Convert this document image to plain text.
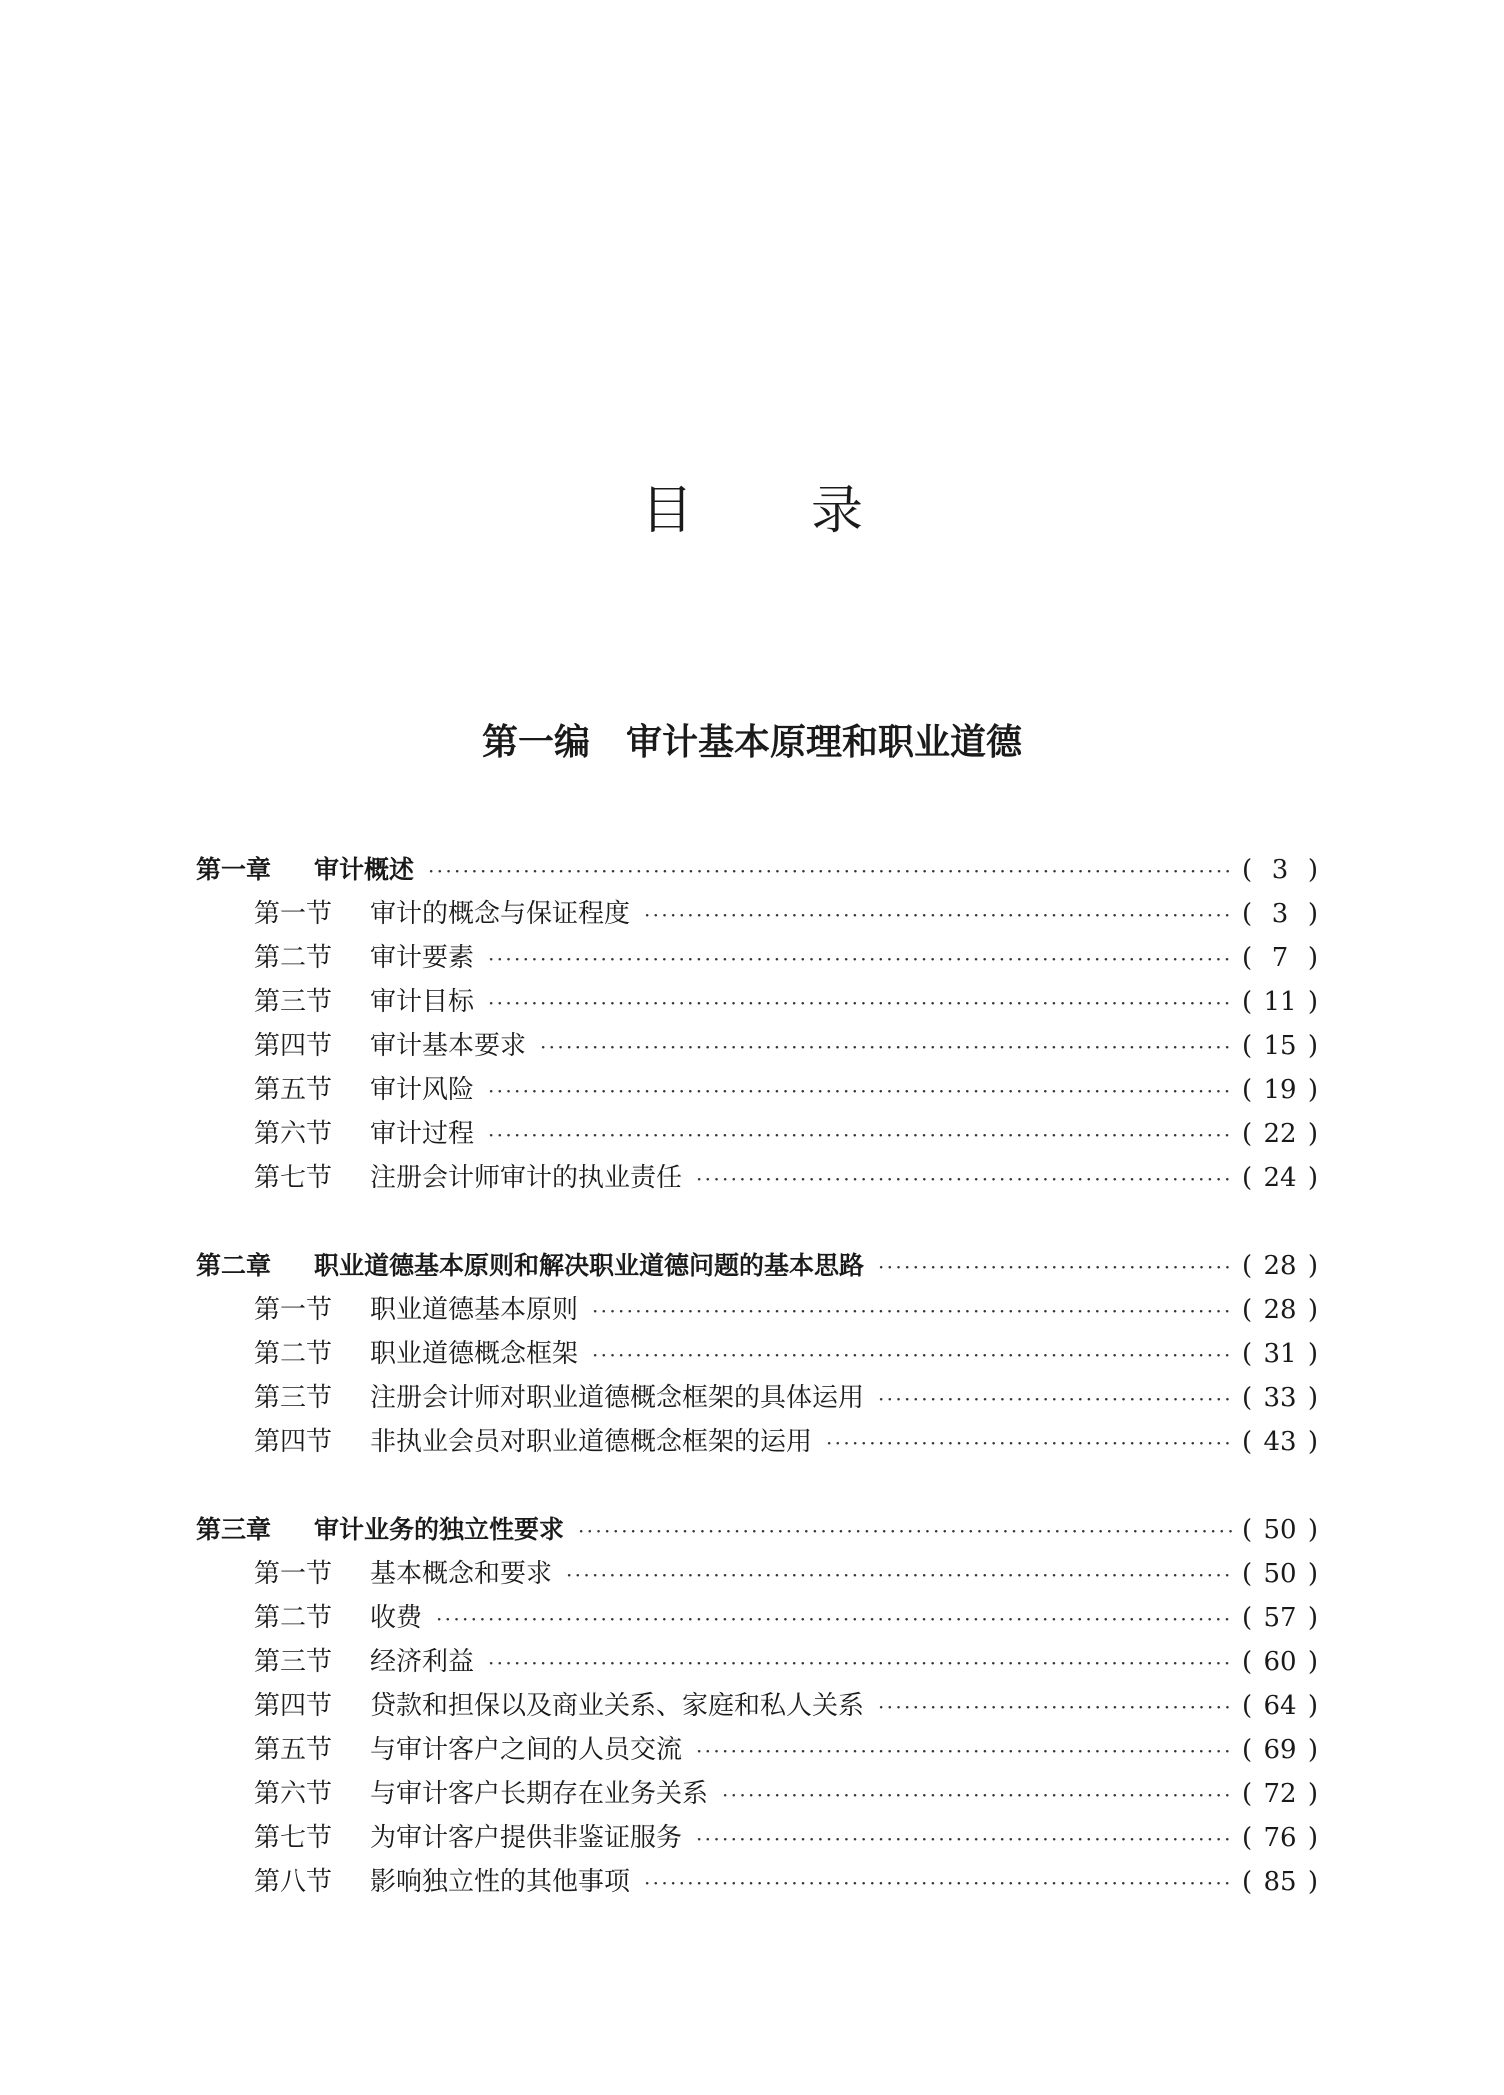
目 录
第一编 审计基本原理和职业道德
第一章	审计概述 ·····	( 3 )
第一节	审计的概念与保证程度 ·····	( 3 )
第二节	审计要素 ·····	( 7 )
第三节	审计目标 ·····	( 11 )
第四节	审计基本要求 ·····	( 15 )
第五节	审计风险 ·····	( 19 )
第六节	审计过程 ·····	( 22 )
第七节	注册会计师审计的执业责任 ·····	( 24 )
第二章	职业道德基本原则和解决职业道德问题的基本思路 ·····	( 28 )
第一节	职业道德基本原则 ·····	( 28 )
第二节	职业道德概念框架 ·····	( 31 )
第三节	注册会计师对职业道德概念框架的具体运用 ·····	( 33 )
第四节	非执业会员对职业道德概念框架的运用 ·····	( 43 )
第三章	审计业务的独立性要求 ·····	( 50 )
第一节	基本概念和要求 ·····	( 50 )
第二节	收费 ·····	( 57 )
第三节	经济利益 ·····	( 60 )
第四节	贷款和担保以及商业关系、家庭和私人关系 ·····	( 64 )
第五节	与审计客户之间的人员交流 ·····	( 69 )
第六节	与审计客户长期存在业务关系 ·····	( 72 )
第七节	为审计客户提供非鉴证服务 ·····	( 76 )
第八节	影响独立性的其他事项 ·····	( 85 )
